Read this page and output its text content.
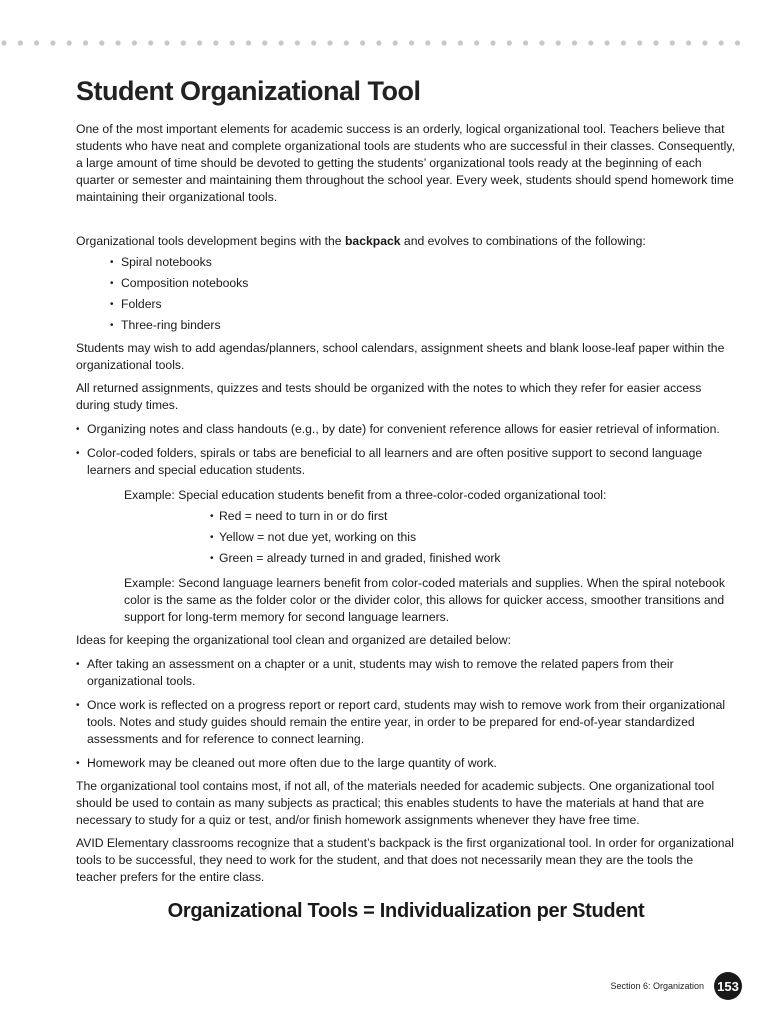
Student Organizational Tool

One of the most important elements for academic success is an orderly, logical organizational tool. Teachers believe that students who have neat and complete organizational tools are students who are successful in their classes. Consequently, a large amount of time should be devoted to getting the students’ organizational tools ready at the beginning of each quarter or semester and maintaining them throughout the school year. Every week, students should spend homework time maintaining their organizational tools.

Organizational tools development begins with the backpack and evolves to combinations of the following:

• Spiral notebooks
• Composition notebooks
• Folders
• Three-ring binders

Students may wish to add agendas/planners, school calendars, assignment sheets and blank loose-leaf paper within the organizational tools.

All returned assignments, quizzes and tests should be organized with the notes to which they refer for easier access during study times.

• Organizing notes and class handouts (e.g., by date) for convenient reference allows for easier retrieval of information.
• Color-coded folders, spirals or tabs are beneficial to all learners and are often positive support to second language learners and special education students.

Example: Special education students benefit from a three-color-coded organizational tool:

• Red = need to turn in or do first
• Yellow = not due yet, working on this
• Green = already turned in and graded, finished work

Example: Second language learners benefit from color-coded materials and supplies. When the spiral notebook color is the same as the folder color or the divider color, this allows for quicker access, smoother transitions and support for long-term memory for second language learners.

Ideas for keeping the organizational tool clean and organized are detailed below:

• After taking an assessment on a chapter or a unit, students may wish to remove the related papers from their organizational tools.
• Once work is reflected on a progress report or report card, students may wish to remove work from their organizational tools. Notes and study guides should remain the entire year, in order to be prepared for end-of-year standardized assessments and for reference to connect learning.
• Homework may be cleaned out more often due to the large quantity of work.

The organizational tool contains most, if not all, of the materials needed for academic subjects. One organizational tool should be used to contain as many subjects as practical; this enables students to have the materials at hand that are necessary to study for a quiz or test, and/or finish homework assignments whenever they have free time.

AVID Elementary classrooms recognize that a student’s backpack is the first organizational tool. In order for organizational tools to be successful, they need to work for the student, and that does not necessarily mean they are the tools the teacher prefers for the entire class.

Organizational Tools = Individualization per Student
Section 6: Organization 153
